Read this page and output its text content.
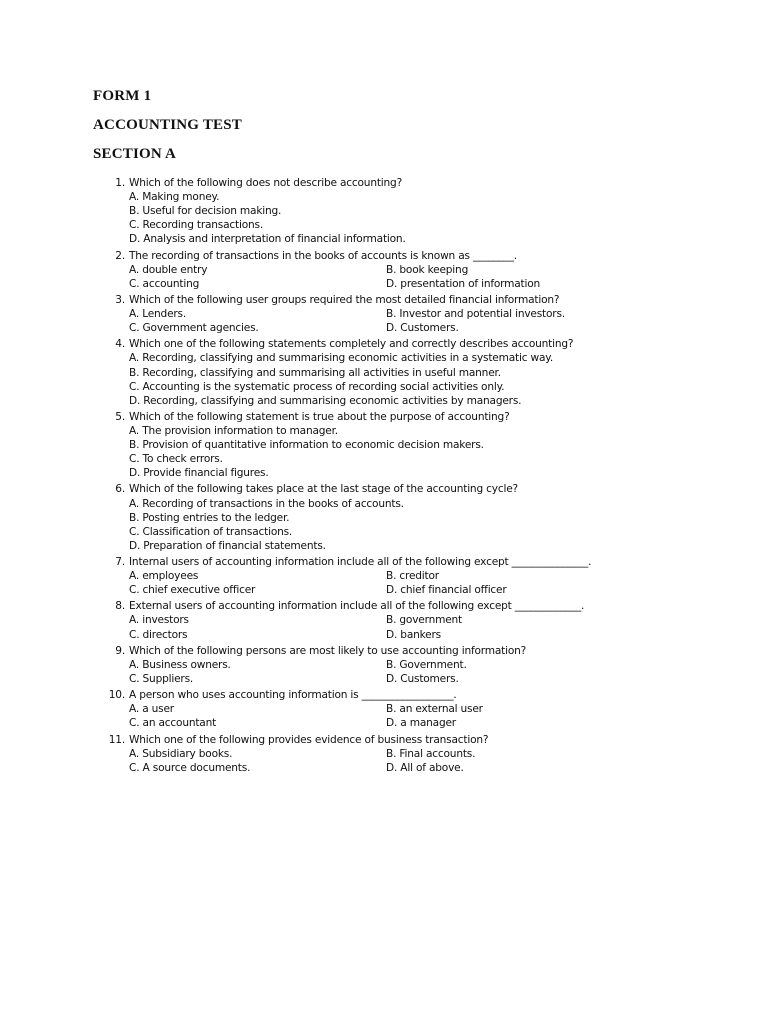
FORM 1
ACCOUNTING TEST
SECTION A
1. Which of the following does not describe accounting?
A. Making money.
B. Useful for decision making.
C. Recording transactions.
D. Analysis and interpretation of financial information.
2. The recording of transactions in the books of accounts is known as ________.
A. double entry	B. book keeping
C. accounting	D. presentation of information
3. Which of the following user groups required the most detailed financial information?
A. Lenders.	B. Investor and potential investors.
C. Government agencies.	D. Customers.
4. Which one of the following statements completely and correctly describes accounting?
A. Recording, classifying and summarising economic activities in a systematic way.
B. Recording, classifying and summarising all activities in useful manner.
C. Accounting is the systematic process of recording social activities only.
D. Recording, classifying and summarising economic activities by managers.
5. Which of the following statement is true about the purpose of accounting?
A. The provision information to manager.
B. Provision of quantitative information to economic decision makers.
C. To check errors.
D. Provide financial figures.
6. Which of the following takes place at the last stage of the accounting cycle?
A. Recording of transactions in the books of accounts.
B. Posting entries to the ledger.
C. Classification of transactions.
D. Preparation of financial statements.
7. Internal users of accounting information include all of the following except _______________.
A. employees	B. creditor
C. chief executive officer	D. chief financial officer
8. External users of accounting information include all of the following except _____________.
A. investors	B. government
C. directors	D. bankers
9. Which of the following persons are most likely to use accounting information?
A. Business owners.	B. Government.
C. Suppliers.	D. Customers.
10. A person who uses accounting information is __________________.
A. a user	B. an external user
C. an accountant	D. a manager
11. Which one of the following provides evidence of business transaction?
A. Subsidiary books.	B. Final accounts.
C. A source documents.	D. All of above.
